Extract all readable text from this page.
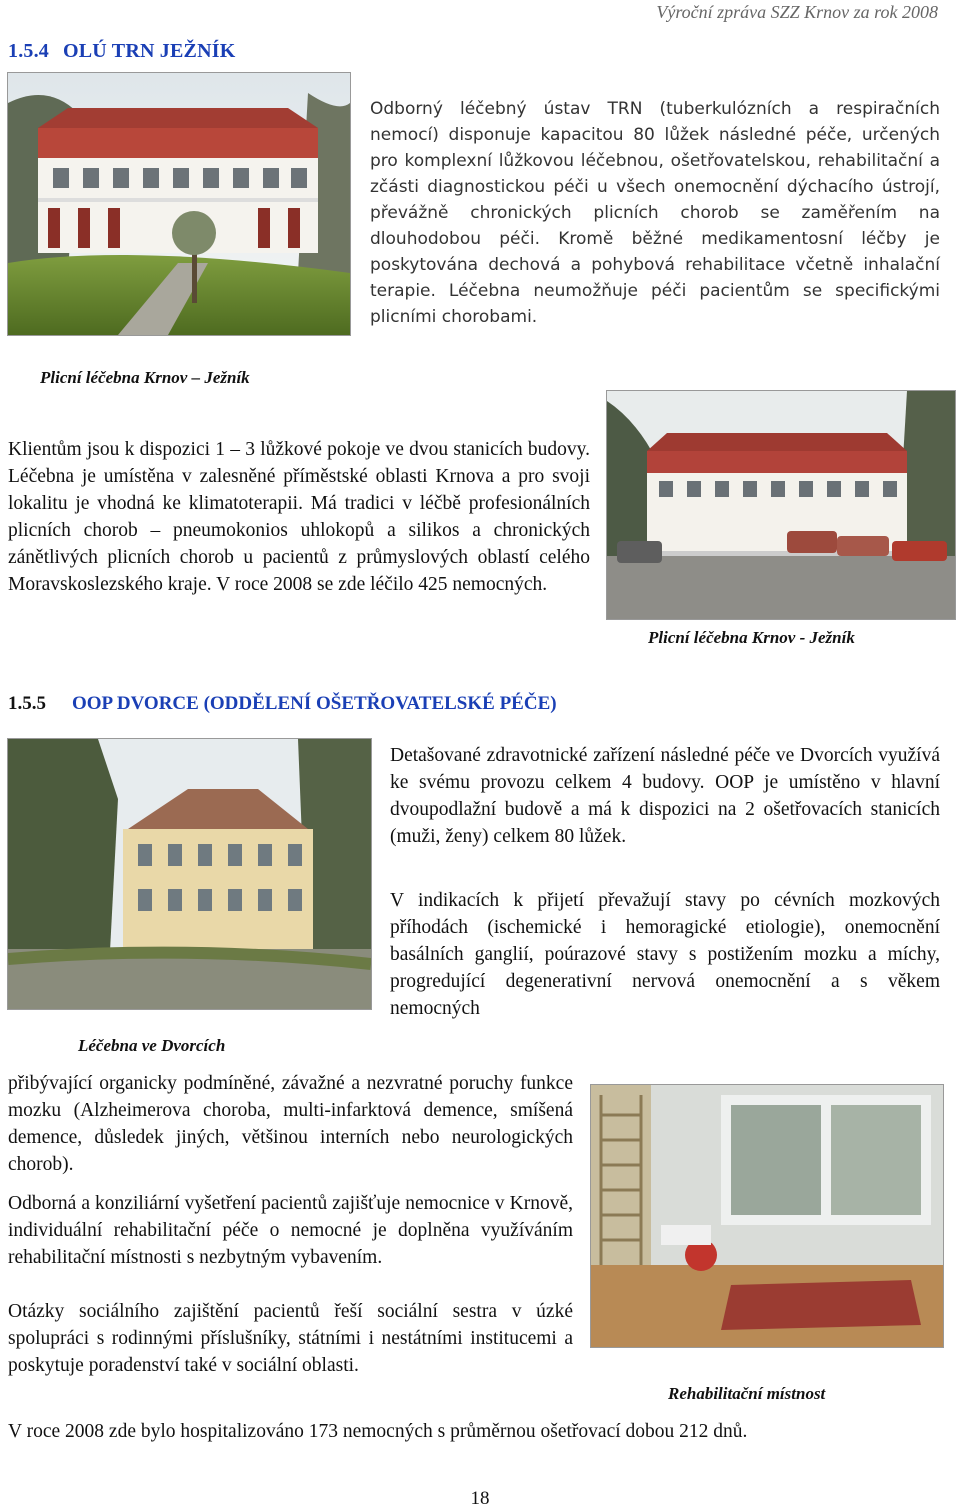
Výroční zpráva SZZ Krnov za rok 2008
1.5.4 OLÚ TRN JEŽNÍK
Plicní léčebna Krnov – Ježník
Odborný léčebný ústav TRN (tuberkulózních a respiračních nemocí) disponuje kapacitou 80 lůžek následné péče, určených pro komplexní lůžkovou léčebnou, ošetřovatelskou, rehabilitační a zčásti diagnostickou péči u všech onemocnění dýchacího ústrojí, převážně chronických plicních chorob se zaměřením na dlouhodobou péči. Kromě běžné medikamentosní léčby je poskytována dechová a pohybová rehabilitace včetně inhalační terapie. Léčebna neumožňuje péči pacientům se specifickými plicními chorobami.
Klientům jsou k dispozici 1 – 3 lůžkové pokoje ve dvou stanicích budovy. Léčebna je umístěna v zalesněné příměstské oblasti Krnova a pro svoji lokalitu je vhodná ke klimatoterapii. Má tradici v léčbě profesionálních plicních chorob – pneumokonios uhlokopů a silikos a chronických zánětlivých plicních chorob u pacientů z průmyslových oblastí celého Moravskoslezského kraje. V roce 2008 se zde léčilo 425 nemocných.
Plicní léčebna Krnov - Ježník
1.5.5 OOP DVORCE (ODDĚLENÍ OŠETŘOVATELSKÉ PÉČE)
Léčebna ve Dvorcích
Detašované zdravotnické zařízení následné péče ve Dvorcích využívá ke svému provozu celkem 4 budovy. OOP je umístěno v hlavní dvoupodlažní budově a má k dispozici na 2 ošetřovacích stanicích (muži, ženy) celkem 80 lůžek.
V indikacích k přijetí převažují stavy po cévních mozkových příhodách (ischemické i hemoragické etiologie), onemocnění basálních ganglií, poúrazové stavy s postižením mozku a míchy, progredující degenerativní nervová onemocnění a s věkem nemocných
přibývající organicky podmíněné, závažné a nezvratné poruchy funkce mozku (Alzheimerova choroba, multi-infarktová demence, smíšená demence, důsledek jiných, většinou interních nebo neurologických chorob).
Odborná a konziliární vyšetření pacientů zajišťuje nemocnice v Krnově, individuální rehabilitační péče o nemocné je doplněna využíváním rehabilitační místnosti s nezbytným vybavením.
Otázky sociálního zajištění pacientů řeší sociální sestra v úzké spolupráci s rodinnými příslušníky, státními i nestátními institucemi a poskytuje poradenství také v sociální oblasti.
Rehabilitační místnost
V roce 2008 zde bylo hospitalizováno 173 nemocných s průměrnou ošetřovací dobou 212 dnů.
18
